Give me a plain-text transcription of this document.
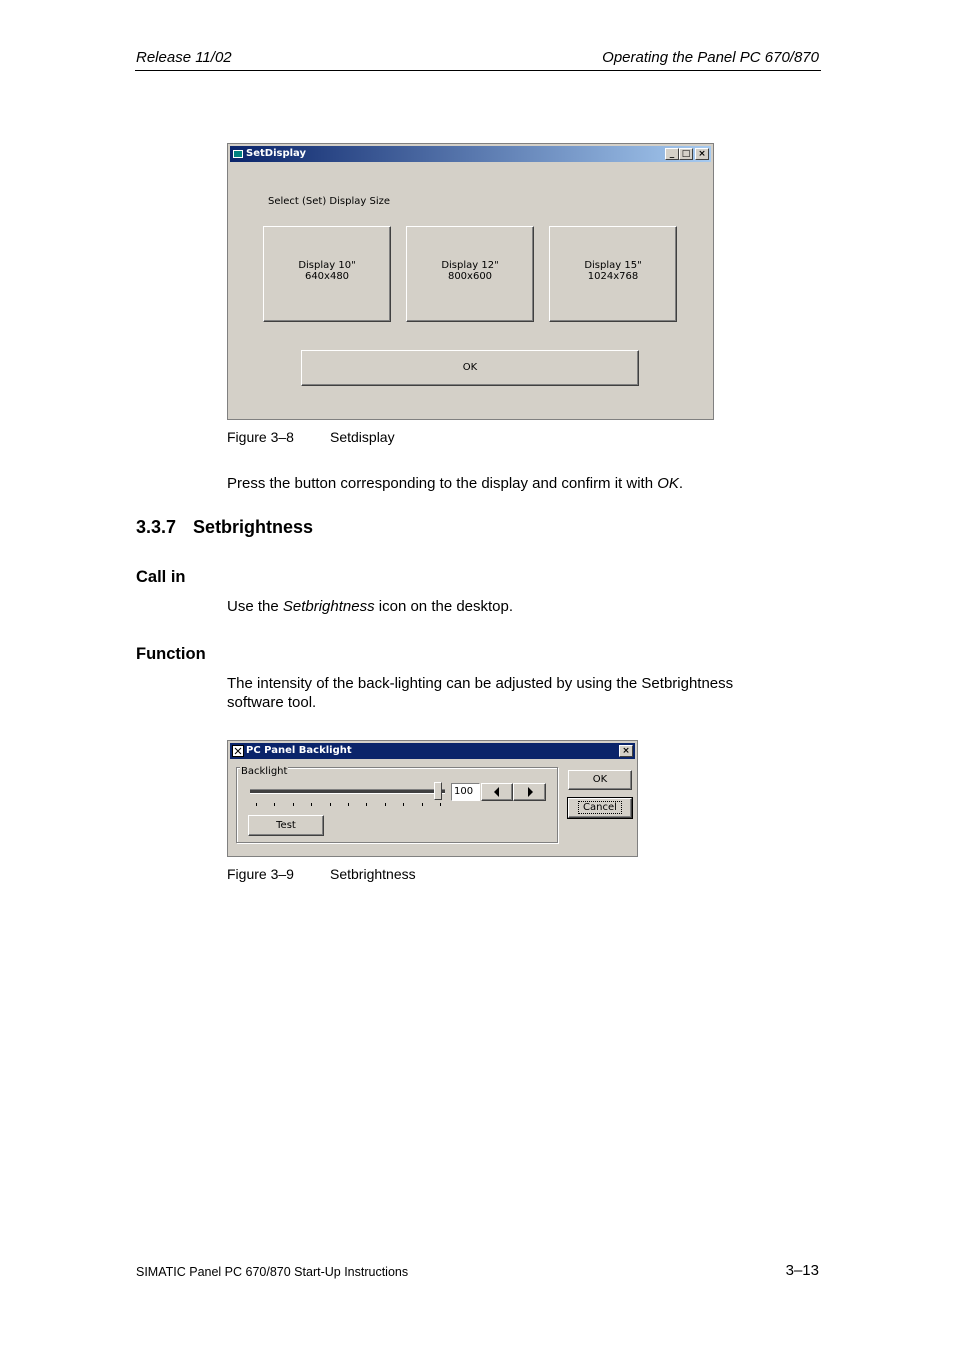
Release 11/02	Operating the Panel PC 670/870
SetDisplay	_ □ ×
Select (Set) Display Size
Display 10"
640x480
Display 12"
800x600
Display 15"
1024x768
OK
Figure 3–8	Setdisplay
Press the button corresponding to the display and confirm it with OK.
3.3.7 Setbrightness
Call in
Use the Setbrightness icon on the desktop.
Function
The intensity of the back-lighting can be adjusted by using the Setbrightness
software tool.
PC Panel Backlight	×
Backlight
100
Test
OK
Cancel
Figure 3–9	Setbrightness
SIMATIC Panel PC 670/870 Start-Up Instructions	3–13
